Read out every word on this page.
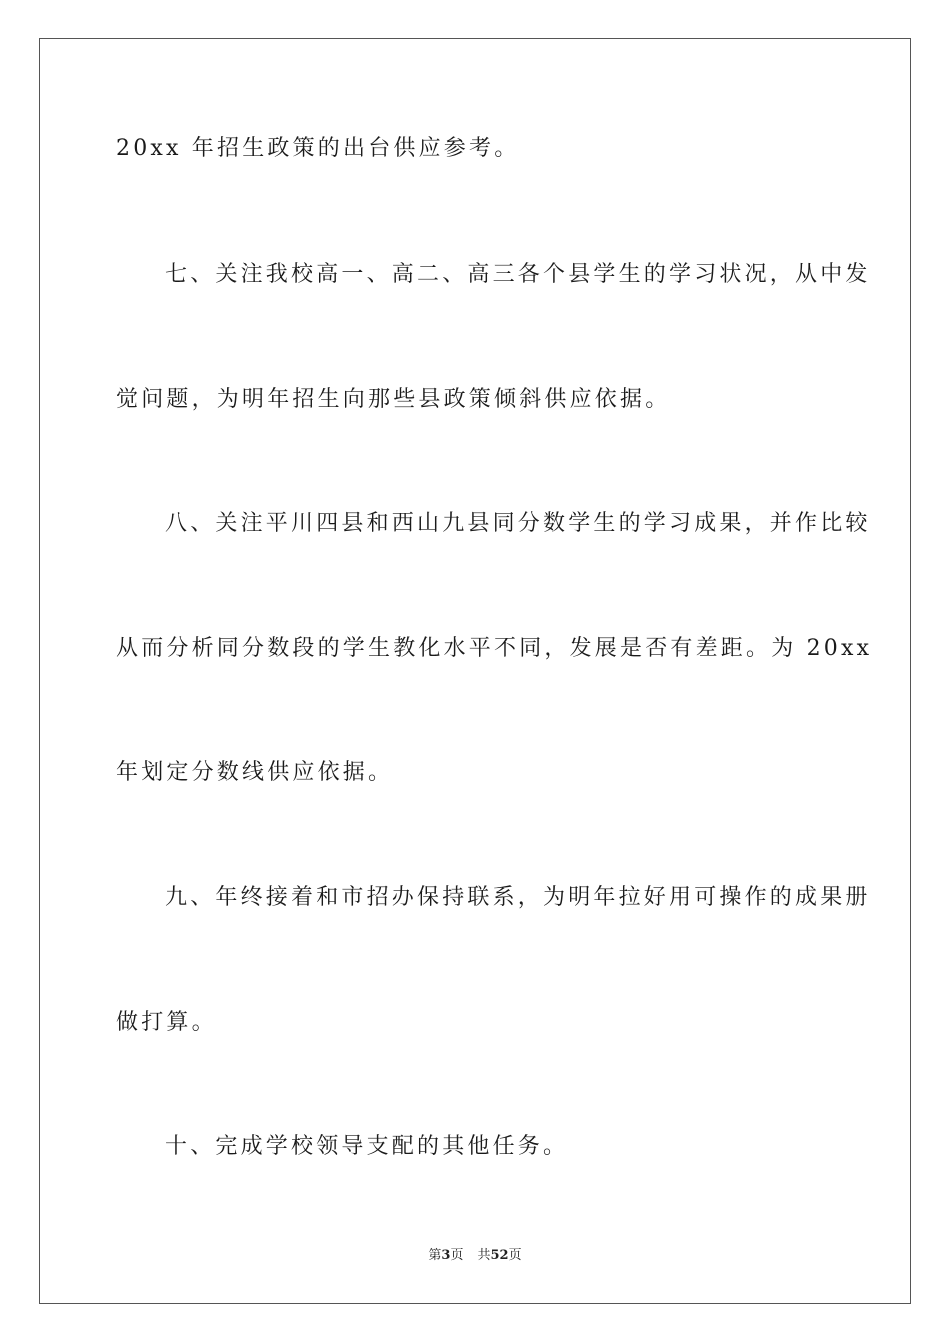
20xx 年招生政策的出台供应参考。
七、关注我校高一、高二、高三各个县学生的学习状况，从中发
觉问题，为明年招生向那些县政策倾斜供应依据。
八、关注平川四县和西山九县同分数学生的学习成果，并作比较
从而分析同分数段的学生教化水平不同，发展是否有差距。为 20xx
年划定分数线供应依据。
九、年终接着和市招办保持联系，为明年拉好用可操作的成果册
做打算。
十、完成学校领导支配的其他任务。
第3页 共52页
